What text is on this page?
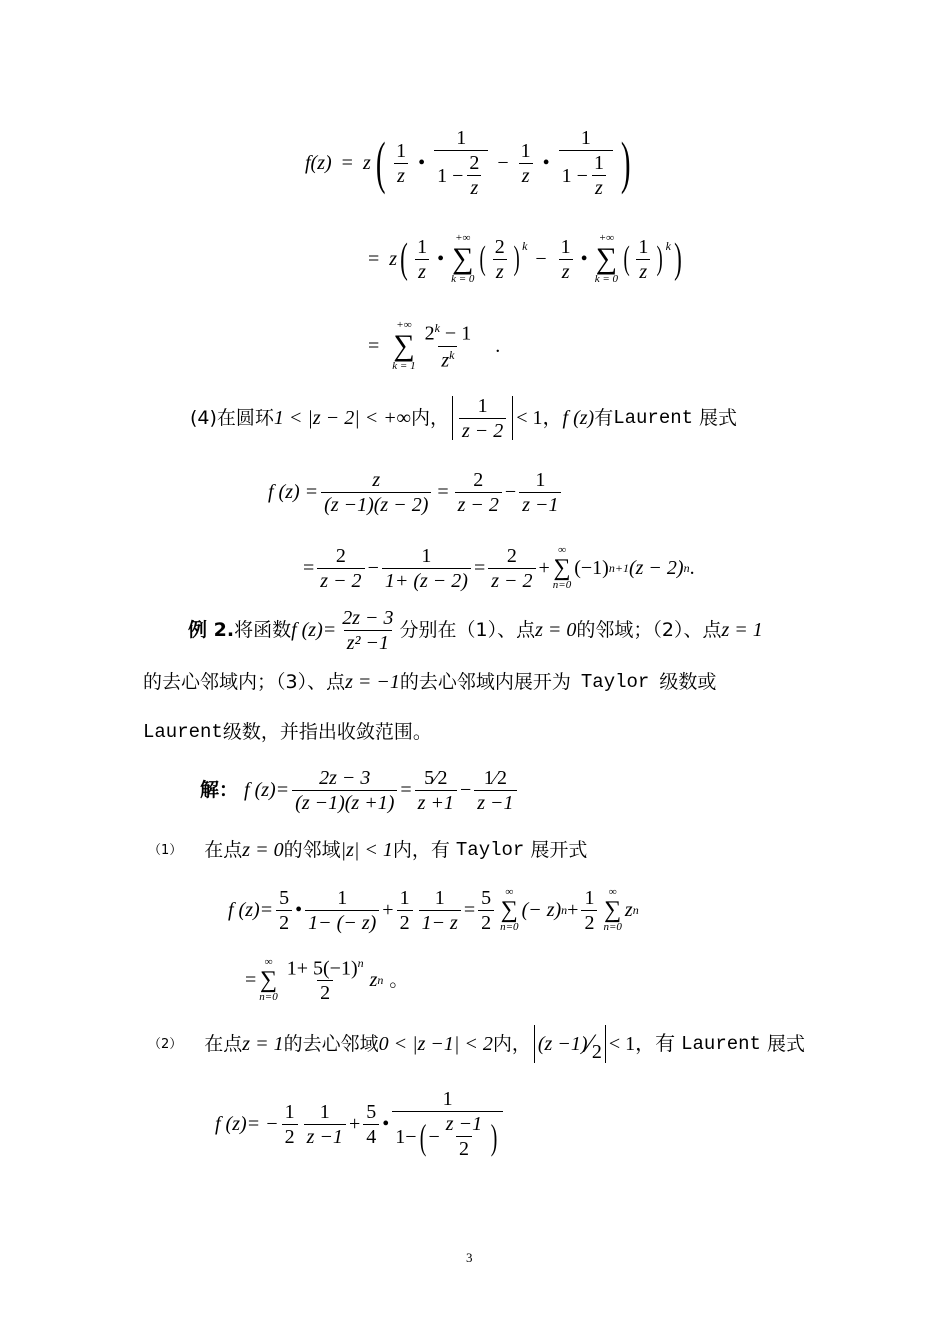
f(z) = z ( $\frac{1}{z}$ • $\frac{1}{1 - \frac{2}{z}} - \frac{1}{z}$ • $\frac{1}{1 - \frac{1}{z}}$ )
= z ( $\frac{1}{z}$ •
+∞
∑
k = 0
( $\frac{2}{z}$ ) k
− $\frac{1}{z}$ •
+∞
∑
k = 0
( $\frac{1}{z}$ ) k )
=
+∞
∑
$k = 1 \frac{2^k - 1}{z^k}$ .
(4)在圆环 1 < |z − 2| < +∞ 内， $\frac{1}{z - 2} < 1$， f (z) 有 Laurent 展式
f $(z) = \frac{z}{(z -1)(z - 2)} = \frac{2}{z - 2} - \frac{1}{z -1}$
= $\frac{2}{z - 2} - \frac{1}{1+ (z - 2)} = \frac{2}{z - 2}$ +
∞
∑
n=0
(−1) n+1 (z − 2) n .
例 2. 将函数 f $(z)= \frac{2z - 3}{\text{z² −1}}$ 分别在（1）、点 z = 0 的邻域；（2）、点 z = 1
的去心邻域内；（3）、点 z = −1 的去心邻域内展开为 Taylor 级数或
Laurent 级数，并指出收敛范围。
解： f $(z)= \frac{2z - 3}{(z -1)(z +1)} = \frac{5⁄2}{z +1} - \frac{1⁄2}{z -1}$
（1） 在点 z = 0 的邻域 |z| < 1 内，有 Taylor 展开式
f $(z)= \frac{5}{2}$ • $\frac{1}{1- (- z)} + \frac{1}{2} \frac{1}{1- z} = \frac{5}{2}$ ∞
∑
n=0
(− z) $n + \frac{1}{2}$ ∞
∑
n=0
z n
=
∞
∑
$n=0 \frac{1+ 5(-1)^n}{2}$ z n 。
（2） 在点 z = 1 的去心邻域 0 < |z −1| < 2 内， (z −1) ⁄ 2 < 1，有 Laurent 展式
f $(z)= - \frac{1}{2} \frac{1}{z -1} + \frac{5}{4}$ •
1
1− ( − $\frac{z -1}{2}$ )
3
